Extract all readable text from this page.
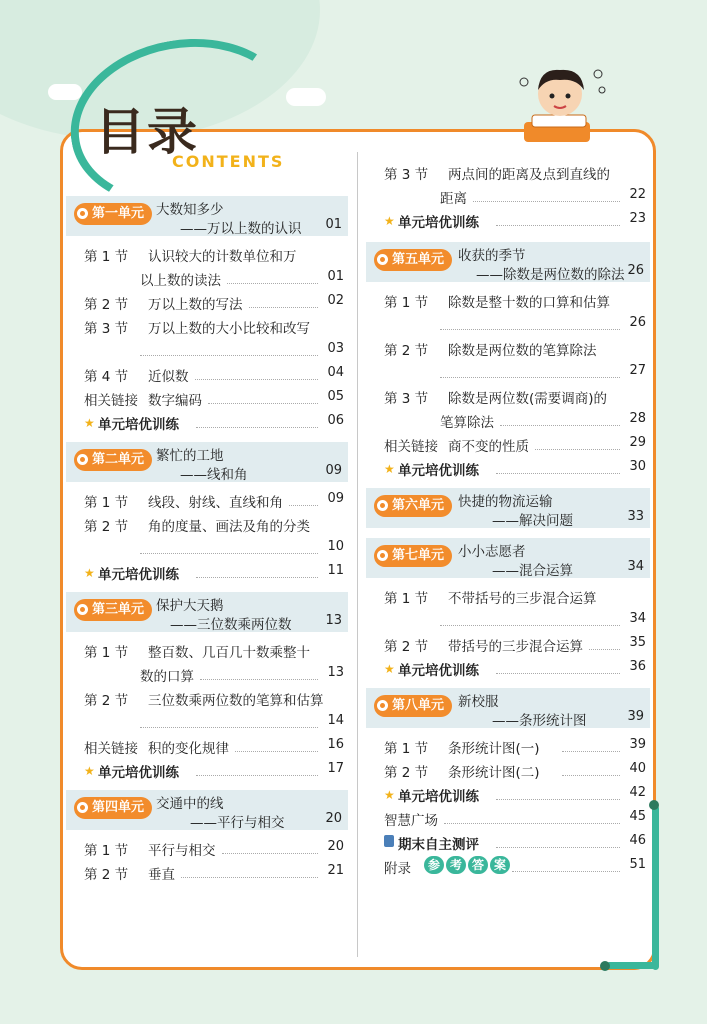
目录
CONTENTS
第一单元 大数知多少
——万以上数的认识 01
第 1 节 认识较大的计数单位和万
以上数的读法	01
第 2 节 万以上数的写法	02
第 3 节 万以上数的大小比较和改写
03
第 4 节 近似数	04
相关链接 数字编码	05
★ 单元培优训练	06
第二单元 繁忙的工地
——线和角	09
第 1 节 线段、射线、直线和角	09
第 2 节 角的度量、画法及角的分类
10
★ 单元培优训练	11
第三单元 保护大天鹅
——三位数乘两位数	13
第 1 节 整百数、几百几十数乘整十
数的口算	13
第 2 节 三位数乘两位数的笔算和估算
14
相关链接 积的变化规律	16
★ 单元培优训练	17
第四单元 交通中的线
——平行与相交	20
第 1 节 平行与相交	20
第 2 节 垂直	21
第 3 节 两点间的距离及点到直线的
距离	22
★ 单元培优训练	23
第五单元	收获的季节
——除数是两位数的除法 26
第 1 节 除数是整十数的口算和估算
26
第 2 节 除数是两位数的笔算除法
27
第 3 节 除数是两位数(需要调商)的
笔算除法	28
相关链接 商不变的性质	29
★ 单元培优训练	30
第六单元	快捷的物流运输
——解决问题	33
第七单元	小小志愿者
——混合运算	34
第 1 节 不带括号的三步混合运算
34
第 2 节 带括号的三步混合运算	35
★ 单元培优训练	36
第八单元	新校服
——条形统计图	39
第 1 节 条形统计图(一)	39
第 2 节 条形统计图(二)	40
★ 单元培优训练	42
智慧广场	45
期末自主测评	46
附录	参 考 答 案	51
